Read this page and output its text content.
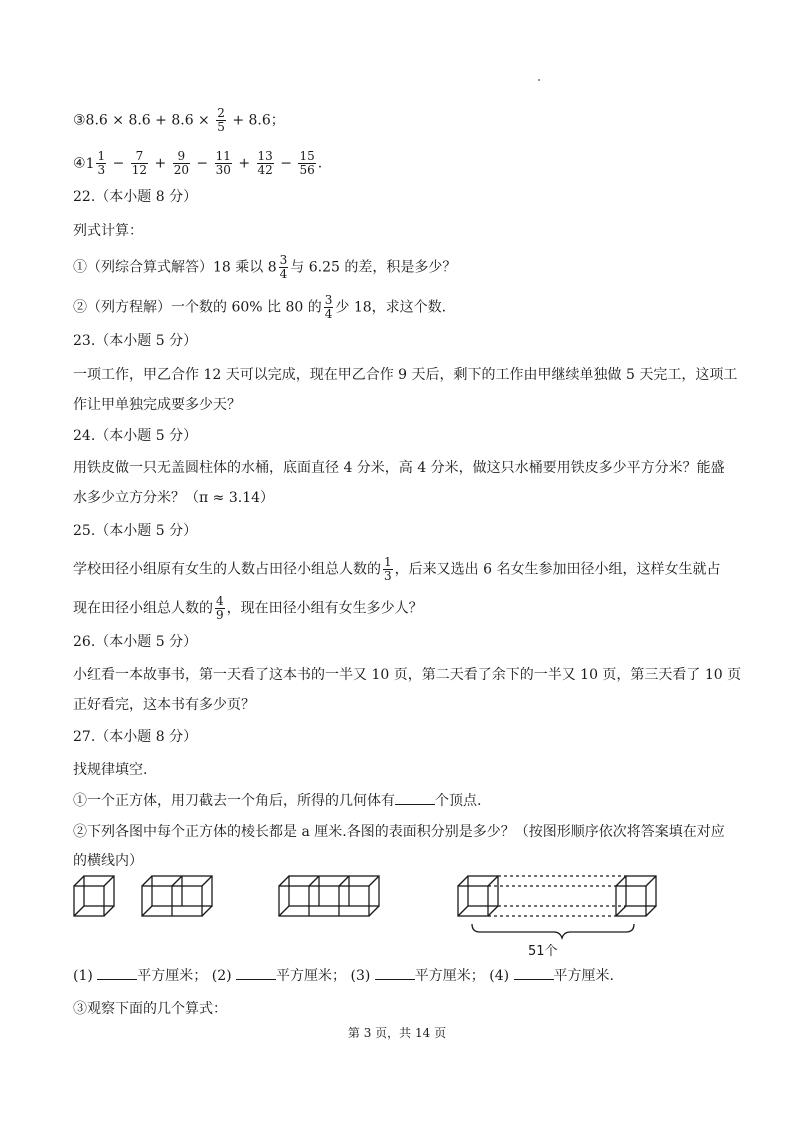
③8.6 × $8.6 + 8.6 \times \frac{2}{5} + 8.6$；
④1 $\frac{1}{3} - \frac{7}{12} + \frac{9}{20} - \frac{11}{30} + \frac{13}{42} - \frac{15}{56}$ .
22.（本小题 8 分）
列式计算：
①（列综合算式解答）18 乘以 $8 \frac{3}{4}$ 与 6.25 的差，积是多少？
②（列方程解）一个数的 60% 比 80 的 $\frac{3}{4}$ 少 18，求这个数.
23.（本小题 5 分）
一项工作，甲乙合作 12 天可以完成，现在甲乙合作 9 天后，剩下的工作由甲继续单独做 5 天完工，这项工
作让甲单独完成要多少天？
24.（本小题 5 分）
用铁皮做一只无盖圆柱体的水桶，底面直径 4 分米，高 4 分米，做这只水桶要用铁皮多少平方分米？能盛
水多少立方分米？（π ≈ 3.14）
25.（本小题 5 分）
学校田径小组原有女生的人数占田径小组总人数的 $\frac{1}{3}$ ，后来又选出 6 名女生参加田径小组，这样女生就占
现在田径小组总人数的 $\frac{4}{9}$ ，现在田径小组有女生多少人？
26.（本小题 5 分）
小红看一本故事书，第一天看了这本书的一半又 10 页，第二天看了余下的一半又 10 页，第三天看了 10 页
正好看完，这本书有多少页？
27.（本小题 8 分）
找规律填空.
①一个正方体，用刀截去一个角后，所得的几何体有	个顶点.
②下列各图中每个正方体的棱长都是 a 厘米.各图的表面积分别是多少？（按图形顺序依次将答案填在对应
的横线内）
51个
(1)	平方厘米； (2)	平方厘米； (3)	平方厘米； (4)	平方厘米.
③观察下面的几个算式：
第 3 页，共 14 页
